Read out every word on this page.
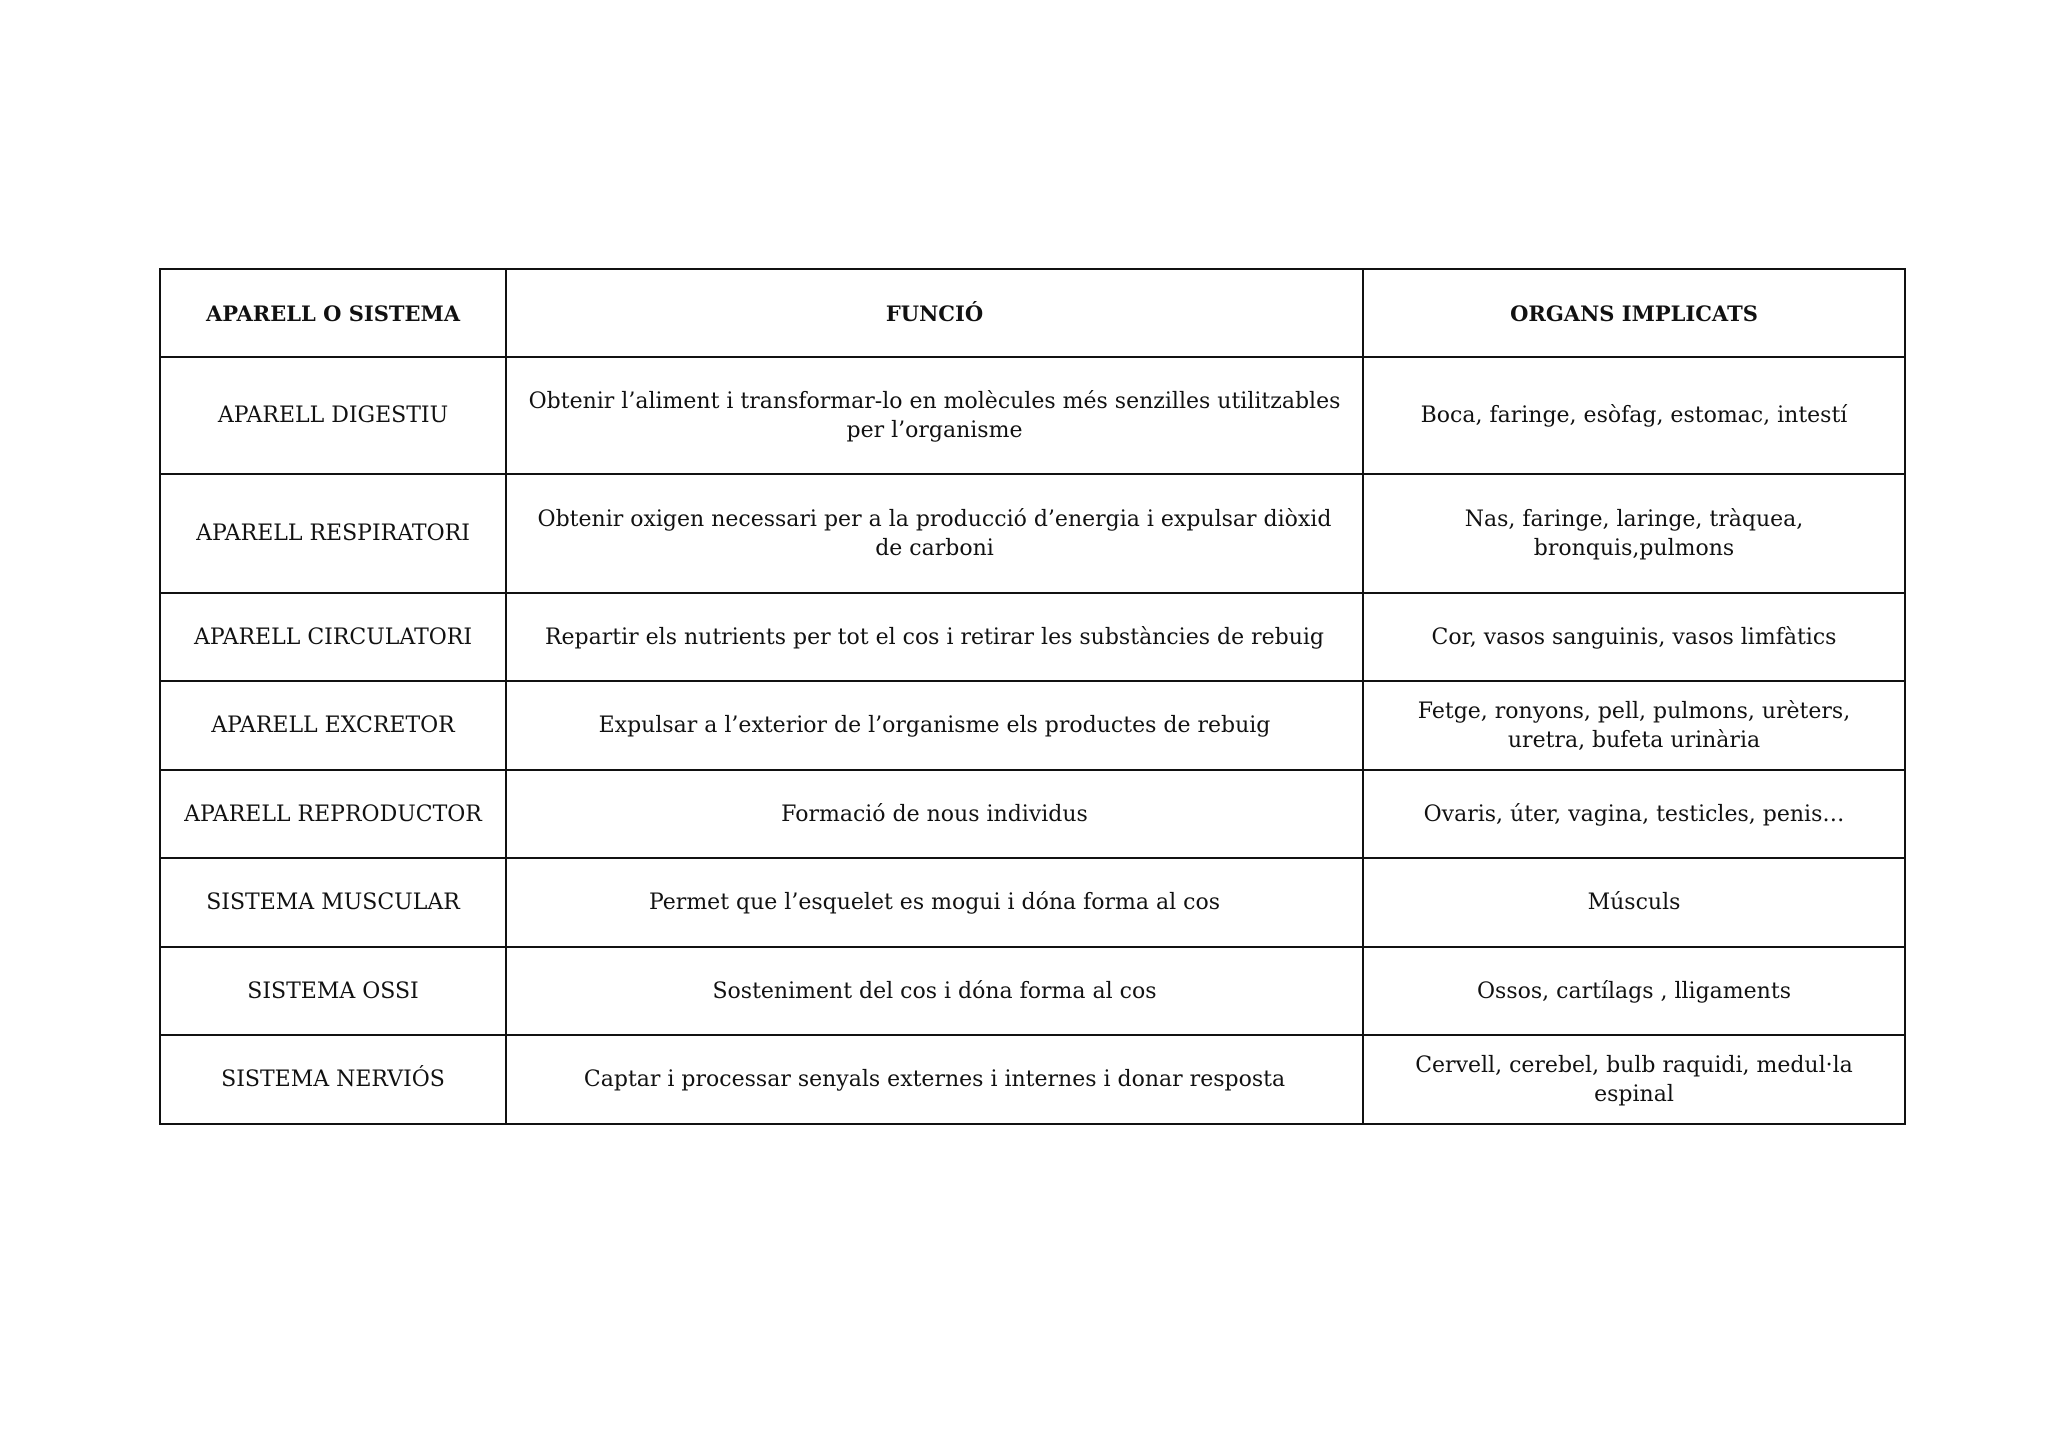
APARELL O SISTEMA	FUNCIÓ	ORGANS IMPLICATS
APARELL DIGESTIU	Obtenir l’aliment i transformar-lo en molècules més senzilles utilitzables per l’organisme	Boca, faringe, esòfag, estomac, intestí
APARELL RESPIRATORI	Obtenir oxigen necessari per a la producció d’energia i expulsar diòxid de carboni	Nas, faringe, laringe, tràquea, bronquis,pulmons
APARELL CIRCULATORI	Repartir els nutrients per tot el cos i retirar les substàncies de rebuig	Cor, vasos sanguinis, vasos limfàtics
APARELL EXCRETOR	Expulsar a l’exterior de l’organisme els productes de rebuig	Fetge, ronyons, pell, pulmons, urèters, uretra, bufeta urinària
APARELL REPRODUCTOR	Formació de nous individus	Ovaris, úter, vagina, testicles, penis…
SISTEMA MUSCULAR	Permet que l’esquelet es mogui i dóna forma al cos	Músculs
SISTEMA OSSI	Sosteniment del cos i dóna forma al cos	Ossos, cartílags , lligaments
SISTEMA NERVIÓS	Captar i processar senyals externes i internes i donar resposta	Cervell, cerebel, bulb raquidi, medul·la espinal
